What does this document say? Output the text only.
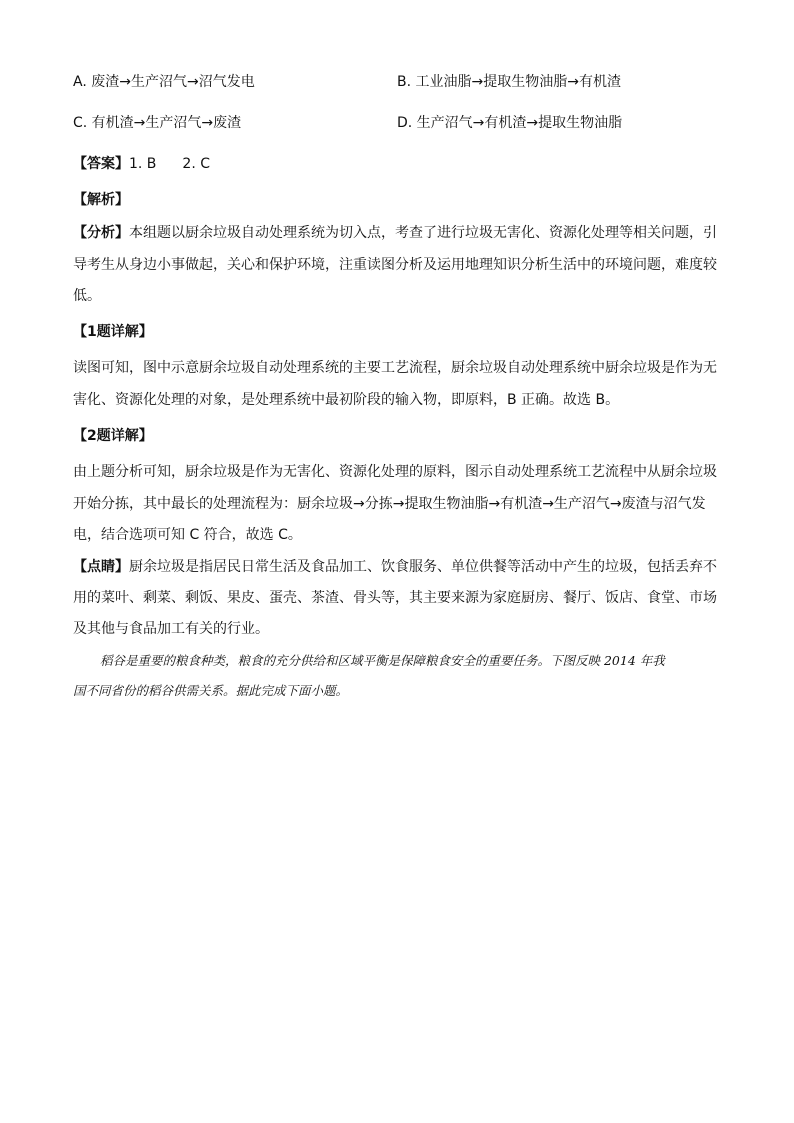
A. 废渣→生产沼气→沼气发电	B. 工业油脂→提取生物油脂→有机渣
C. 有机渣→生产沼气→废渣	D. 生产沼气→有机渣→提取生物油脂
【答案】1. B 2. C
【解析】
【分析】本组题以厨余垃圾自动处理系统为切入点，考查了进行垃圾无害化、资源化处理等相关问题，引
导考生从身边小事做起，关心和保护环境，注重读图分析及运用地理知识分析生活中的环境问题，难度较
低。
【1题详解】
读图可知，图中示意厨余垃圾自动处理系统的主要工艺流程，厨余垃圾自动处理系统中厨余垃圾是作为无
害化、资源化处理的对象，是处理系统中最初阶段的输入物，即原料，B 正确。故选 B。
【2题详解】
由上题分析可知，厨余垃圾是作为无害化、资源化处理的原料，图示自动处理系统工艺流程中从厨余垃圾
开始分拣，其中最长的处理流程为：厨余垃圾→分拣→提取生物油脂→有机渣→生产沼气→废渣与沼气发
电，结合选项可知 C 符合，故选 C。
【点睛】厨余垃圾是指居民日常生活及食品加工、饮食服务、单位供餐等活动中产生的垃圾，包括丢弃不
用的菜叶、剩菜、剩饭、果皮、蛋壳、茶渣、骨头等，其主要来源为家庭厨房、餐厅、饭店、食堂、市场
及其他与食品加工有关的行业。
稻谷是重要的粮食种类，粮食的充分供给和区域平衡是保障粮食安全的重要任务。下图反映 2014 年我
国不同省份的稻谷供需关系。据此完成下面小题。
